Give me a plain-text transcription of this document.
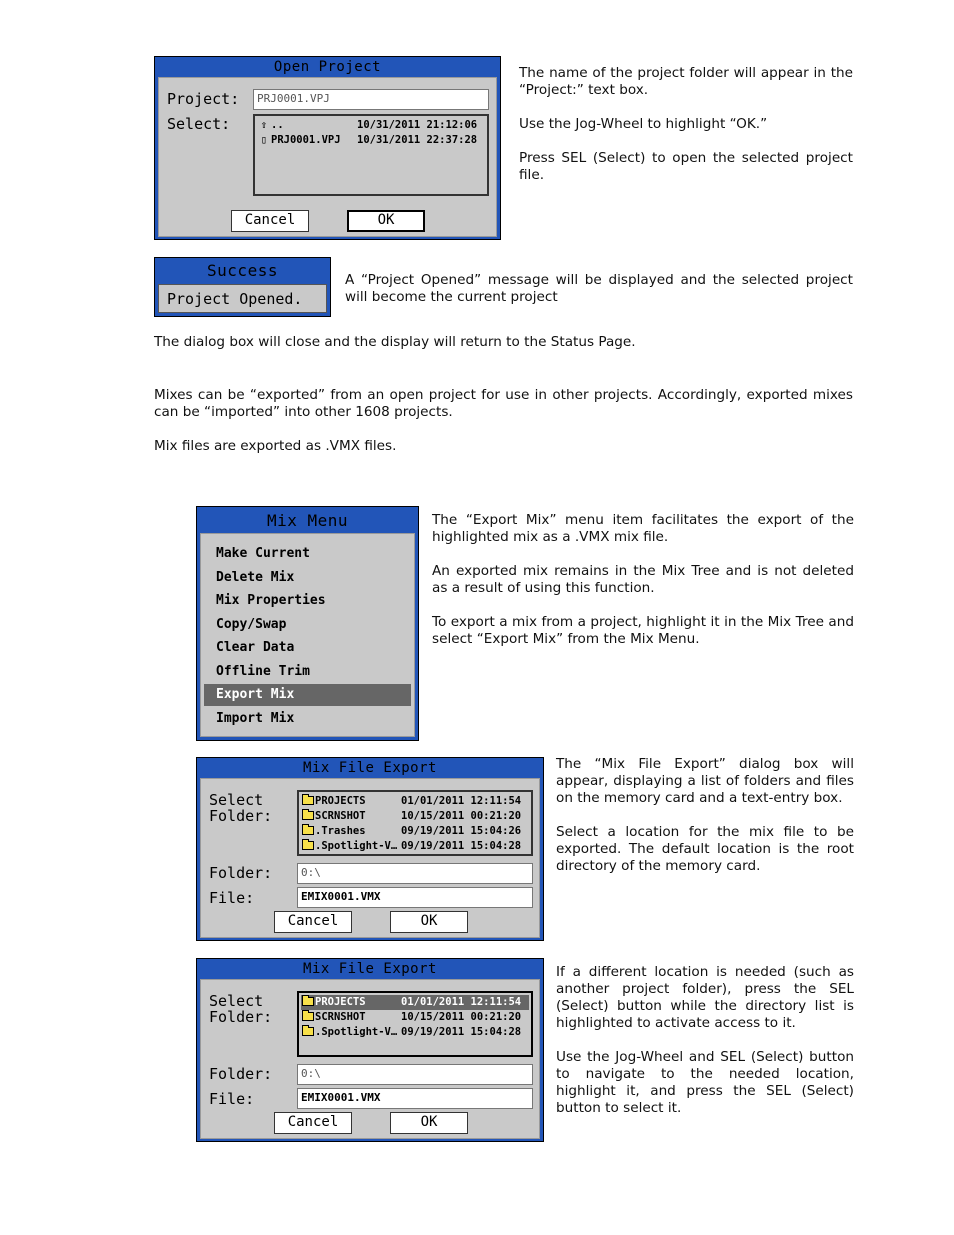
Open Project
Project:	PRJ0001.VPJ
Select:	⇧ ..	10/31/2011 21:12:06
▯ PRJ0001.VPJ 10/31/2011 22:37:28
Cancel	OK

The name of the project folder will appear in the “Project:” text box.

Use the Jog-Wheel to highlight “OK.”

Press SEL (Select) to open the selected project file.

Success
Project Opened.

A “Project Opened” message will be displayed and the selected project will become the current project

The dialog box will close and the display will return to the Status Page.

Mixes can be “exported” from an open project for use in other projects. Accordingly, exported mixes can be “imported” into other 1608 projects.

Mix files are exported as .VMX files.

Mix Menu
Make Current
Delete Mix
Mix Properties
Copy/Swap
Clear Data
Offline Trim
Export Mix
Import Mix

The “Export Mix” menu item facilitates the export of the highlighted mix as a .VMX mix file.

An exported mix remains in the Mix Tree and is not deleted as a result of using this function.

To export a mix from a project, highlight it in the Mix Tree and select “Export Mix” from the Mix Menu.

Mix File Export
Select
Folder:
PROJECTS	01/01/2011 12:11:54
SCRNSHOT	10/15/2011 00:21:20
.Trashes	09/19/2011 15:04:26
.Spotlight-V… 09/19/2011 15:04:28
Folder:	0:\
File:	EMIX0001.VMX
Cancel	OK

The “Mix File Export” dialog box will appear, displaying a list of folders and files on the memory card and a text-entry box.

Select a location for the mix file to be exported. The default location is the root directory of the memory card.

Mix File Export
Select
Folder:
PROJECTS	01/01/2011 12:11:54
SCRNSHOT	10/15/2011 00:21:20
.Spotlight-V… 09/19/2011 15:04:28
Folder:	0:\
File:	EMIX0001.VMX
Cancel	OK

If a different location is needed (such as another project folder), press the SEL (Select) button while the directory list is highlighted to activate access to it.

Use the Jog-Wheel and SEL (Select) button to navigate to the needed location, highlight it, and press the SEL (Select) button to select it.
